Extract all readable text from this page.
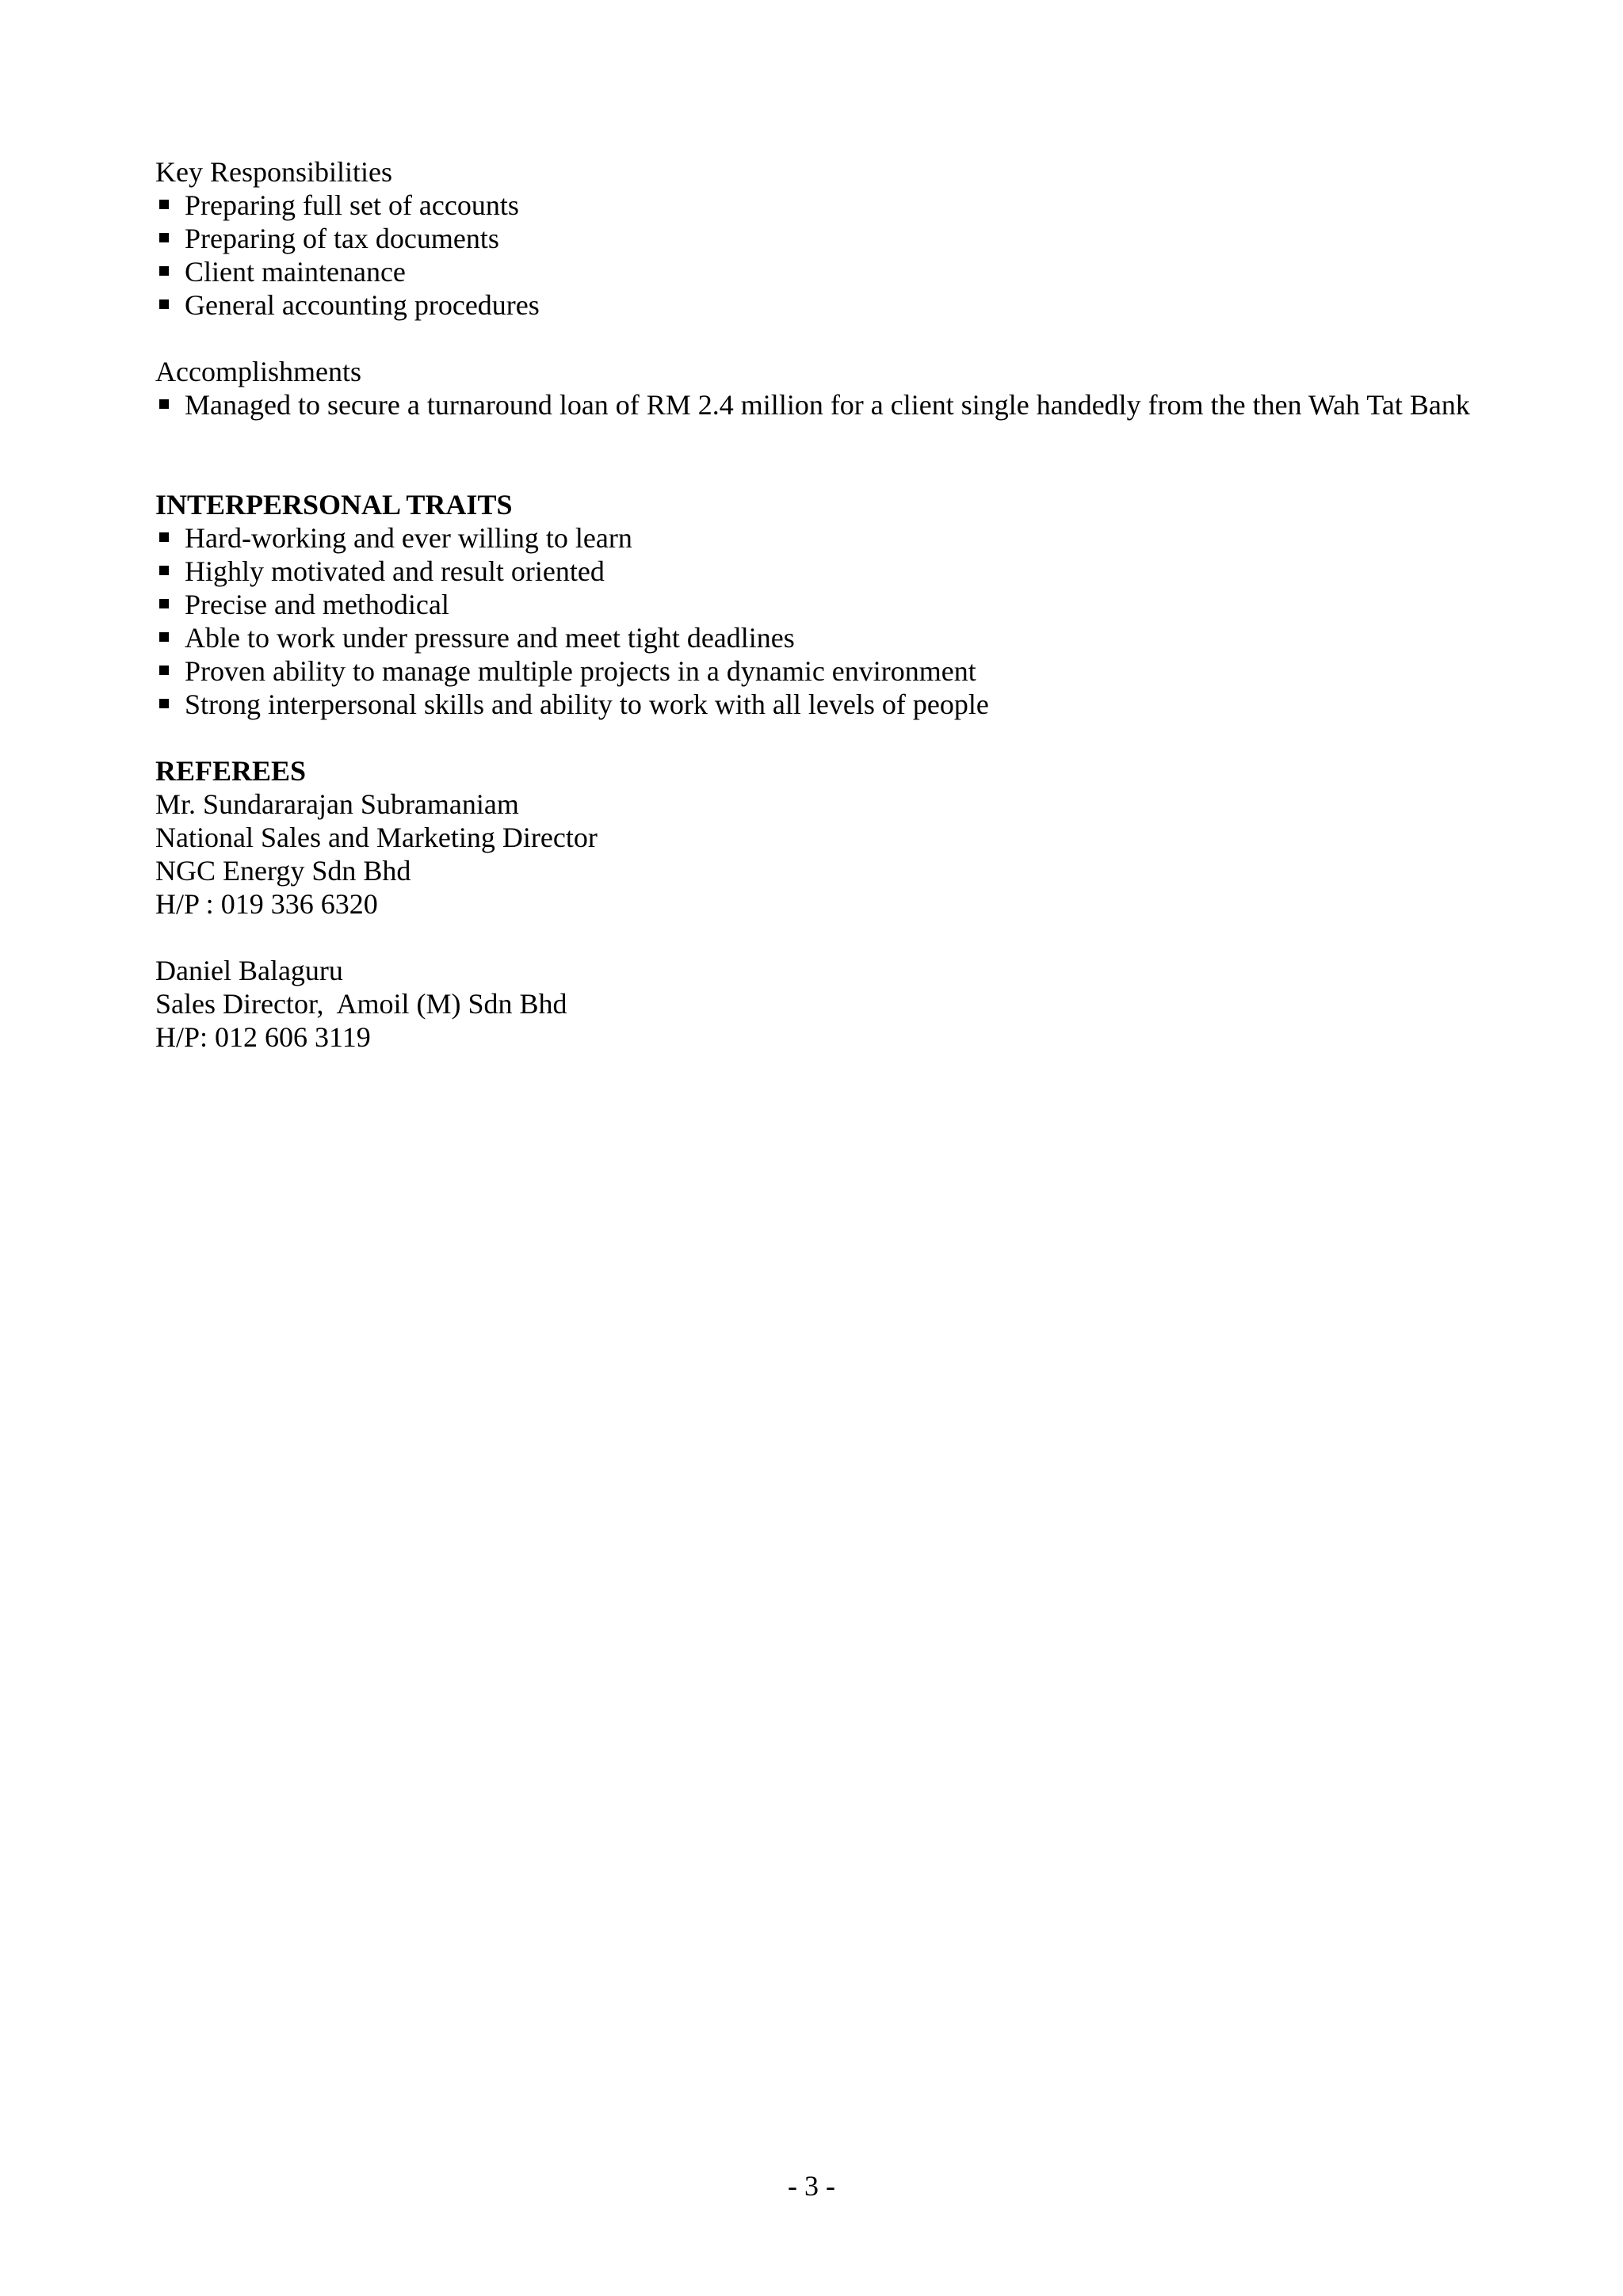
Key Responsibilities

Preparing full set of accounts
Preparing of tax documents
Client maintenance
General accounting procedures

Accomplishments

Managed to secure a turnaround loan of RM 2.4 million for a client single handedly from the then Wah Tat Bank

INTERPERSONAL TRAITS

Hard-working and ever willing to learn
Highly motivated and result oriented
Precise and methodical
Able to work under pressure and meet tight deadlines
Proven ability to manage multiple projects in a dynamic environment
Strong interpersonal skills and ability to work with all levels of people

REFEREES

Mr. Sundararajan Subramaniam

National Sales and Marketing Director

NGC Energy Sdn Bhd

H/P : 019 336 6320

Daniel Balaguru

Sales Director,  Amoil (M) Sdn Bhd

H/P: 012 606 3119

- 3 -
